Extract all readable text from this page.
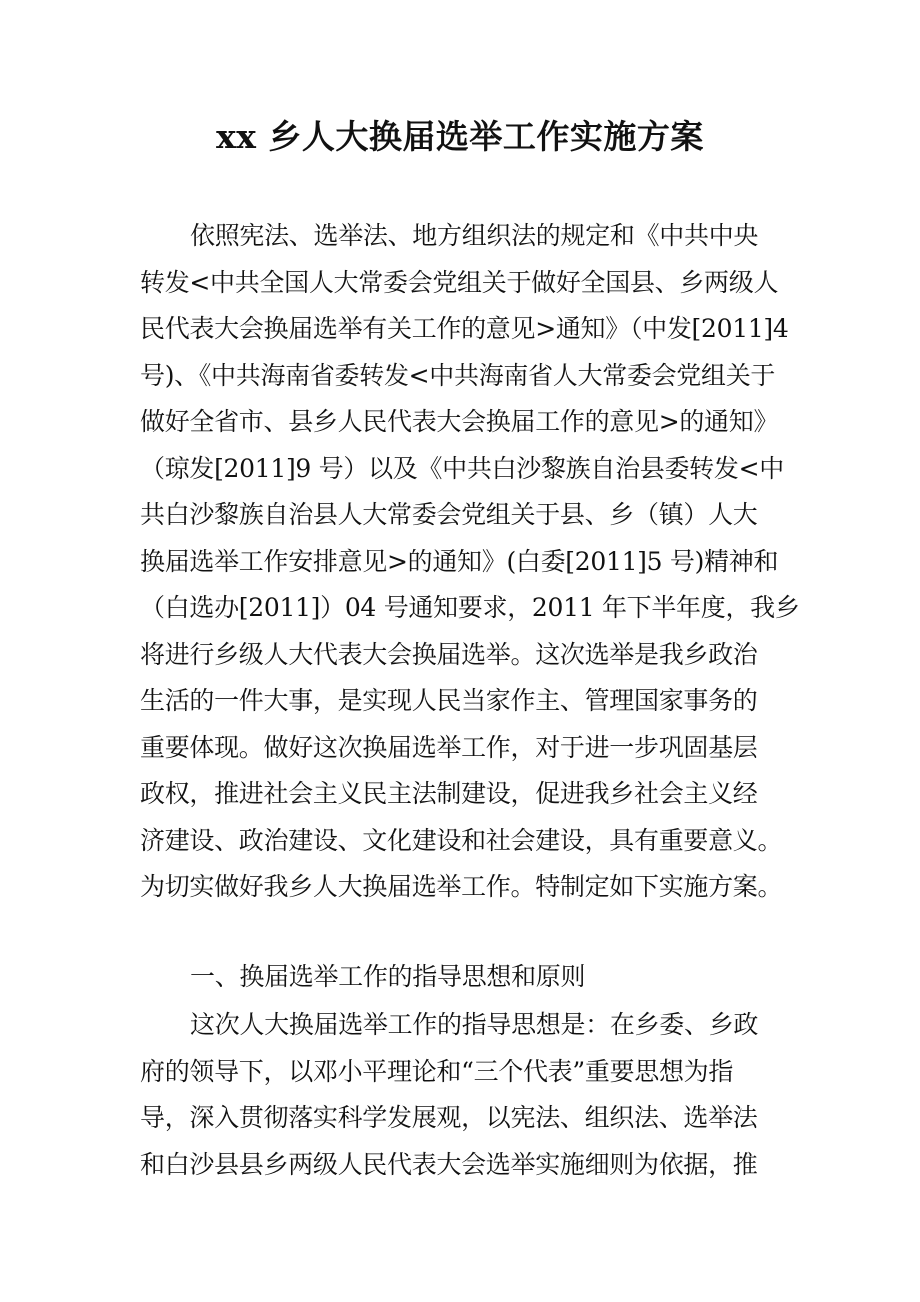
xx 乡人大换届选举工作实施方案
依照宪法、选举法、地方组织法的规定和《中共中央
转发<中共全国人大常委会党组关于做好全国县、乡两级人
民代表大会换届选举有关工作的意见>通知》（中发[2011]4
号)、《中共海南省委转发<中共海南省人大常委会党组关于
做好全省市、县乡人民代表大会换届工作的意见>的通知》
（琼发[2011]9 号）以及《中共白沙黎族自治县委转发<中
共白沙黎族自治县人大常委会党组关于县、乡（镇）人大
换届选举工作安排意见>的通知》(白委[2011]5 号)精神和
（白选办[2011]）04 号通知要求，2011 年下半年度，我乡
将进行乡级人大代表大会换届选举。这次选举是我乡政治
生活的一件大事，是实现人民当家作主、管理国家事务的
重要体现。做好这次换届选举工作，对于进一步巩固基层
政权，推进社会主义民主法制建设，促进我乡社会主义经
济建设、政治建设、文化建设和社会建设，具有重要意义。
为切实做好我乡人大换届选举工作。特制定如下实施方案。
一、换届选举工作的指导思想和原则
这次人大换届选举工作的指导思想是：在乡委、乡政
府的领导下，以邓小平理论和“三个代表”重要思想为指
导，深入贯彻落实科学发展观，以宪法、组织法、选举法
和白沙县县乡两级人民代表大会选举实施细则为依据，推
